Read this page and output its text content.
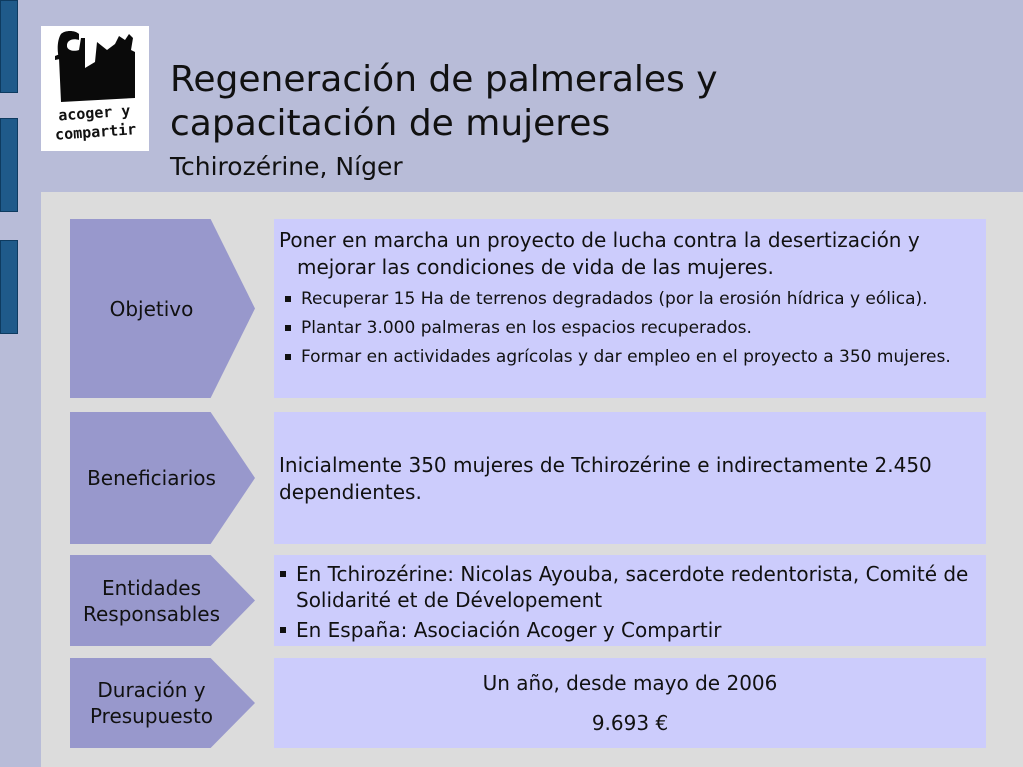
acoger y
compartir
Regeneración de palmerales y
capacitación de mujeres
Tchirozérine, Níger
Objetivo

Poner en marcha un proyecto de lucha contra la desertización y mejorar las condiciones de vida de las mujeres.

Recuperar 15 Ha de terrenos degradados (por la erosión hídrica y eólica).
Plantar 3.000 palmeras en los espacios recuperados.
Formar en actividades agrícolas y dar empleo en el proyecto a 350 mujeres.
Beneficiarios
Inicialmente 350 mujeres de Tchirozérine e indirectamente 2.450 dependientes.
Entidades
Responsables
En Tchirozérine: Nicolas Ayouba, sacerdote redentorista, Comité de Solidarité et de Dévelopement
En España: Asociación Acoger y Compartir
Duración y
Presupuesto
Un año, desde mayo de 2006
9.693 €
